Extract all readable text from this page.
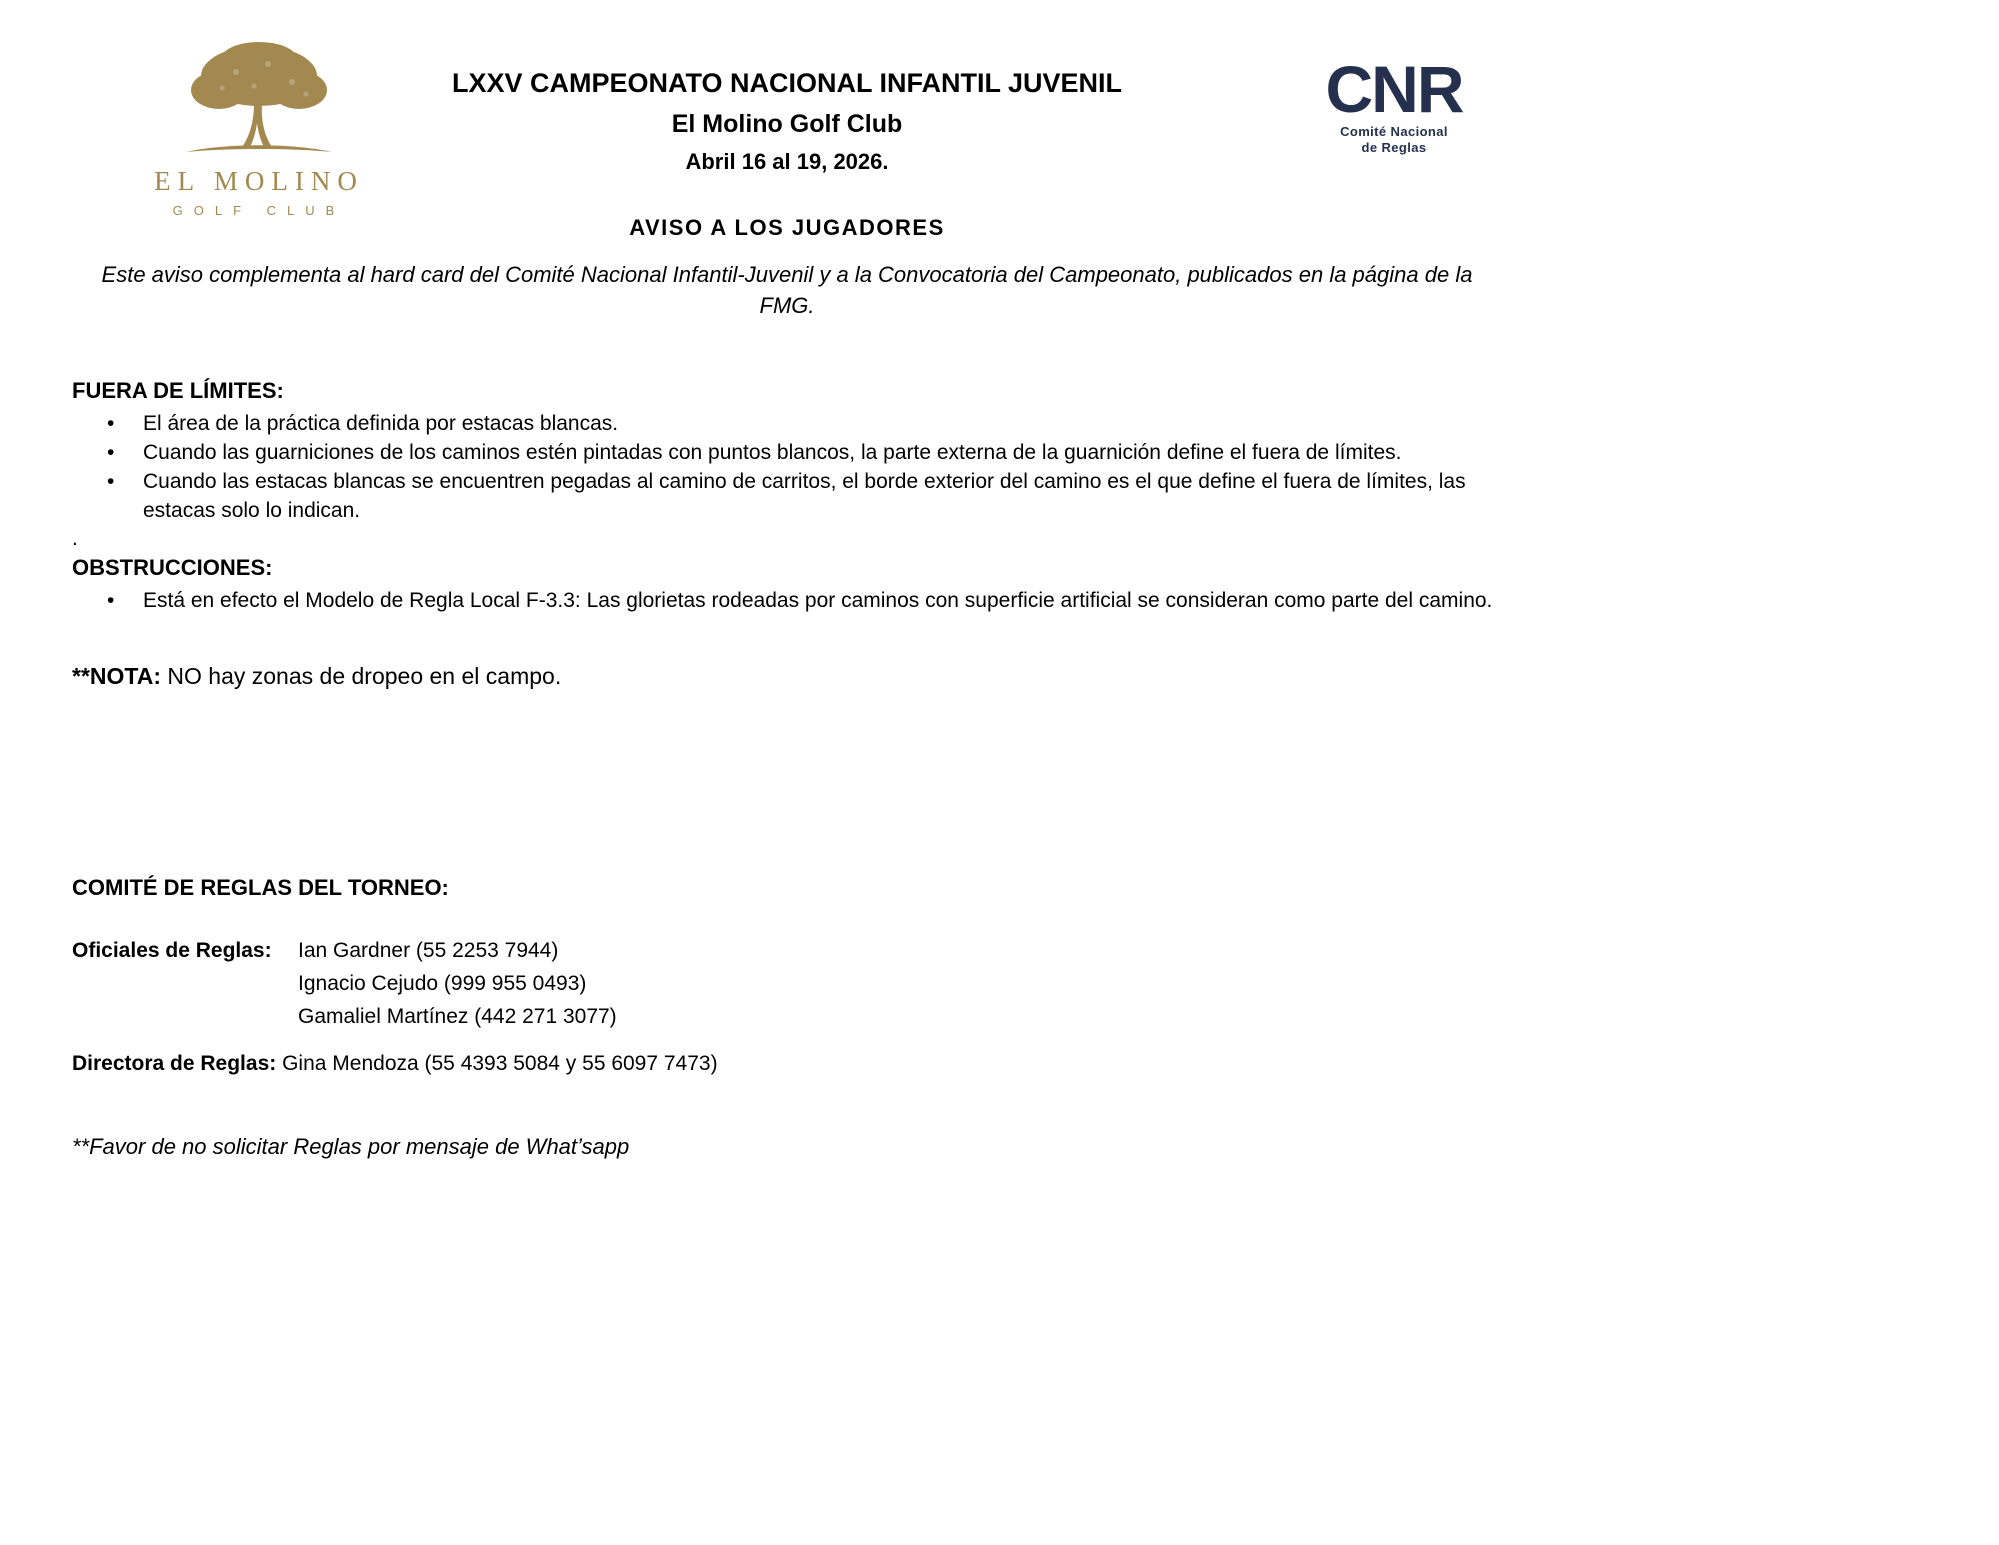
EL MOLINO
GOLF CLUB
LXXV CAMPEONATO NACIONAL INFANTIL JUVENIL
El Molino Golf Club
Abril 16 al 19, 2026.
AVISO A LOS JUGADORES
CNR
Comité Nacional
de Reglas

Este aviso complementa al hard card del Comité Nacional Infantil-Juvenil y a la Convocatoria del Campeonato, publicados en la página de la FMG.

FUERA DE LÍMITES:
• El área de la práctica definida por estacas blancas.
• Cuando las guarniciones de los caminos estén pintadas con puntos blancos, la parte externa de la guarnición define el fuera de límites.
• Cuando las estacas blancas se encuentren pegadas al camino de carritos, el borde exterior del camino es el que define el fuera de límites, las estacas solo lo indican.

.

OBSTRUCCIONES:
• Está en efecto el Modelo de Regla Local F-3.3: Las glorietas rodeadas por caminos con superficie artificial se consideran como parte del camino.

**NOTA: NO hay zonas de dropeo en el campo.

COMITÉ DE REGLAS DEL TORNEO:
Oficiales de Reglas:	Ian Gardner (55 2253 7944)
Ignacio Cejudo (999 955 0493)
Gamaliel Martínez (442 271 3077)

Directora de Reglas: Gina Mendoza (55 4393 5084 y 55 6097 7473)

**Favor de no solicitar Reglas por mensaje de What’sapp
